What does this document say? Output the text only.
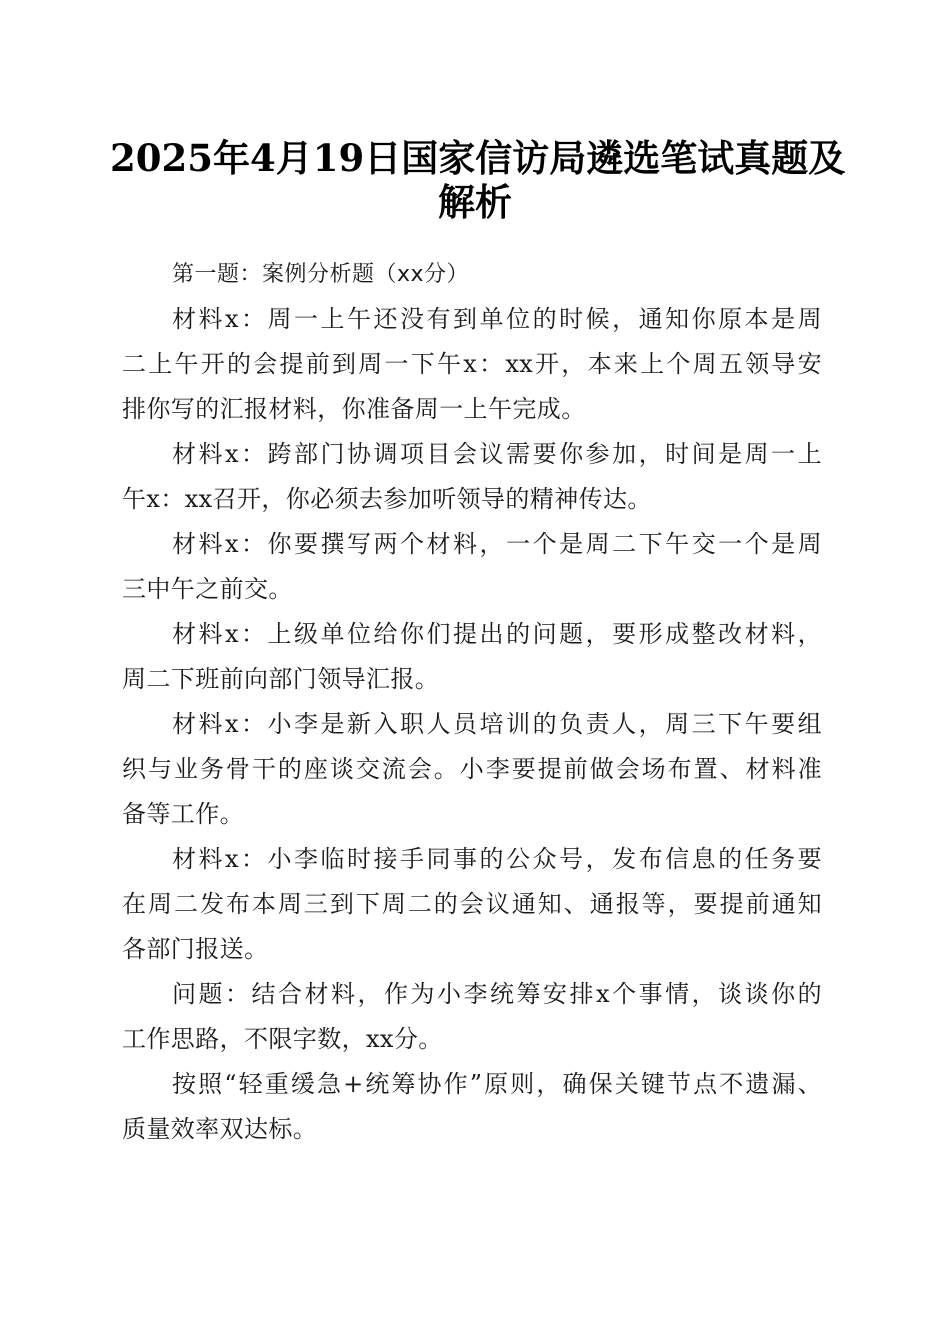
2025年4月19日国家信访局遴选笔试真题及
解析

第一题：案例分析题（xx分）

材料x：周一上午还没有到单位的时候，通知你原本是周
二上午开的会提前到周一下午x：xx开，本来上个周五领导安
排你写的汇报材料，你准备周一上午完成。

材料x：跨部门协调项目会议需要你参加，时间是周一上
午x：xx召开，你必须去参加听领导的精神传达。

材料x：你要撰写两个材料，一个是周二下午交一个是周
三中午之前交。

材料x：上级单位给你们提出的问题，要形成整改材料，
周二下班前向部门领导汇报。

材料x：小李是新入职人员培训的负责人，周三下午要组
织与业务骨干的座谈交流会。小李要提前做会场布置、材料准
备等工作。

材料x：小李临时接手同事的公众号，发布信息的任务要
在周二发布本周三到下周二的会议通知、通报等，要提前通知
各部门报送。

问题：结合材料，作为小李统筹安排x个事情，谈谈你的
工作思路，不限字数，xx分。

按照“轻重缓急+统筹协作”原则，确保关键节点不遗漏、
质量效率双达标。
